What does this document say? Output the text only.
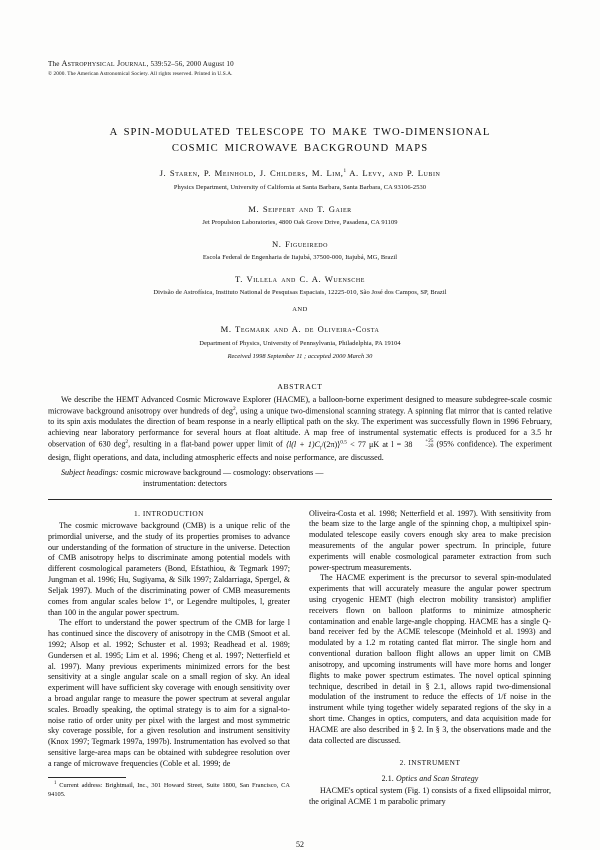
The Astrophysical Journal, 539:52–56, 2000 August 10
© 2000. The American Astronomical Society. All rights reserved. Printed in U.S.A.
A SPIN-MODULATED TELESCOPE TO MAKE TWO-DIMENSIONAL
COSMIC MICROWAVE BACKGROUND MAPS
J. Staren, P. Meinhold, J. Childers, M. Lim,$^1$ A. Levy, and P. Lubin
Physics Department, University of California at Santa Barbara, Santa Barbara, CA 93106-2530
M. Seiffert and T. Gaier
Jet Propulsion Laboratories, 4800 Oak Grove Drive, Pasadena, CA 91109
N. Figueiredo
Escola Federal de Engenharia de Itajubá, 37500-000, Itajubá, MG, Brazil
T. Villela and C. A. Wuensche
Divisão de Astrofísica, Instituto National de Pesquisas Espaciais, 12225-010, São José dos Campos, SP, Brazil
AND
M. Tegmark and A. de Oliveira-Costa
Department of Physics, University of Pennsylvania, Philadelphia, PA 19104
Received 1998 September 11 ; accepted 2000 March 30
ABSTRACT

We describe the HEMT Advanced Cosmic Microwave Explorer (HACME), a balloon-borne experiment designed to measure subdegree-scale cosmic microwave background anisotropy over hundreds of deg$^2$, using a unique two-dimensional scanning strategy. A spinning flat mirror that is canted relative to its spin axis modulates the direction of beam response in a nearly elliptical path on the sky. The experiment was successfully flown in 1996 February, achieving near laboratory performance for several hours at float altitude. A map free of instrumental systematic effects is produced for a 3.5 hr observation of 630 deg$^2$, resulting in a flat-band power upper limit of ⟨l(l + $1)C_l/(2\pi)⟩^{0.5} < 77$ μK at l = 38	+25
−20 (95% confidence). The experiment design, flight operations, and data, including atmospheric effects and noise performance, are discussed.

Subject headings: cosmic microwave background — cosmology: observations —
instrumentation: detectors
1. INTRODUCTION

The cosmic microwave background (CMB) is a unique relic of the primordial universe, and the study of its properties promises to advance our understanding of the formation of structure in the universe. Detection of CMB anisotropy helps to discriminate among potential models with different cosmological parameters (Bond, Efstathiou, & Tegmark 1997; Jungman et al. 1996; Hu, Sugiyama, & Silk 1997; Zaldarriaga, Spergel, & Seljak 1997). Much of the discriminating power of CMB measurements comes from angular scales below 1°, or Legendre multipoles, l, greater than 100 in the angular power spectrum.

The effort to understand the power spectrum of the CMB for large l has continued since the discovery of anisotropy in the CMB (Smoot et al. 1992; Alsop et al. 1992; Schuster et al. 1993; Readhead et al. 1989; Gundersen et al. 1995; Lim et al. 1996; Cheng et al. 1997; Netterfield et al. 1997). Many previous experiments minimized errors for the best sensitivity at a single angular scale on a small region of sky. An ideal experiment will have sufficient sky coverage with enough sensitivity over a broad angular range to measure the power spectrum at several angular scales. Broadly speaking, the optimal strategy is to aim for a signal-to-noise ratio of order unity per pixel with the largest and most symmetric sky coverage possible, for a given resolution and instrument sensitivity (Knox 1997; Tegmark 1997a, 1997b). Instrumentation has evolved so that sensitive large-area maps can be obtained with subdegree resolution over a range of microwave frequencies (Coble et al. 1999; de

$^1$ Current address: Brightmail, Inc., 301 Howard Street, Suite 1800, San Francisco, CA 94105.

Oliveira-Costa et al. 1998; Netterfield et al. 1997). With sensitivity from the beam size to the large angle of the spinning chop, a multipixel spin-modulated telescope easily covers enough sky area to make precision measurements of the angular power spectrum. In principle, future experiments will enable cosmological parameter extraction from such power-spectrum measurements.

The HACME experiment is the precursor to several spin-modulated experiments that will accurately measure the angular power spectrum using cryogenic HEMT (high electron mobility transistor) amplifier receivers flown on balloon platforms to minimize atmospheric contamination and enable large-angle chopping. HACME has a single Q-band receiver fed by the ACME telescope (Meinhold et al. 1993) and modulated by a 1.2 m rotating canted flat mirror. The single horn and conventional duration balloon flight allows an upper limit on CMB anisotropy, and upcoming instruments will have more horns and longer flights to make power spectrum estimates. The novel optical spinning technique, described in detail in § 2.1, allows rapid two-dimensional modulation of the instrument to reduce the effects of 1/f noise in the instrument while tying together widely separated regions of the sky in a short time. Changes in optics, computers, and data acquisition made for HACME are also described in § 2. In § 3, the observations made and the data collected are discussed.

2. INSTRUMENT
2.1. Optics and Scan Strategy

HACME's optical system (Fig. 1) consists of a fixed ellipsoidal mirror, the original ACME 1 m parabolic primary

52
